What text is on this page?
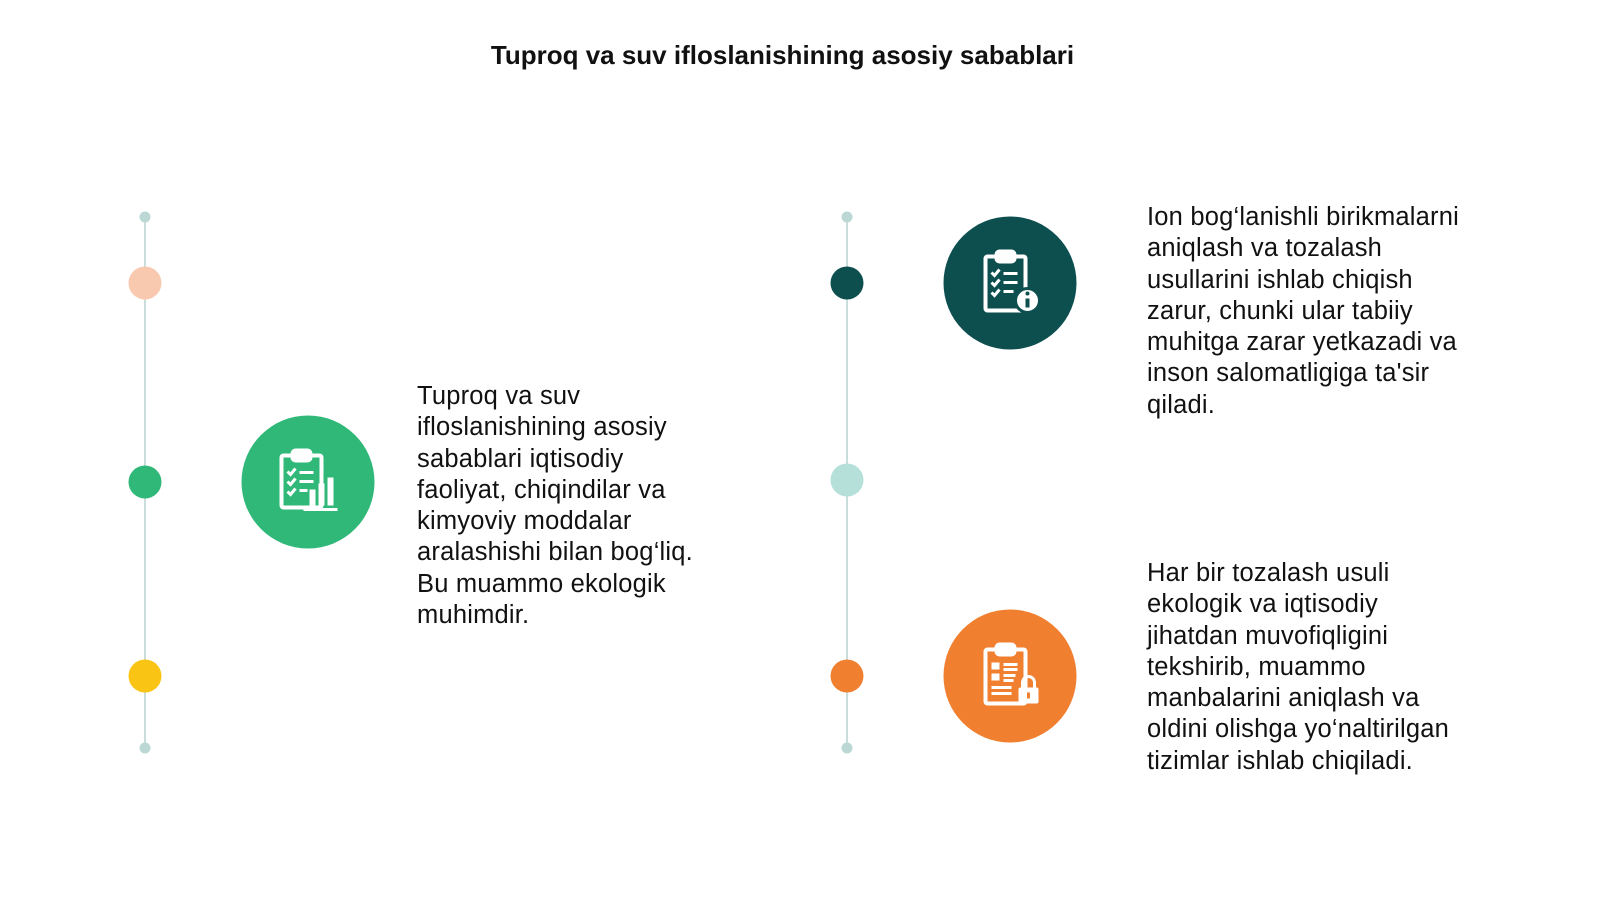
Tuproq va suv ifloslanishining asosiy sabablari
Tuproq va suv
ifloslanishining asosiy
sabablari iqtisodiy
faoliyat, chiqindilar va
kimyoviy moddalar
aralashishi bilan bog‘liq.
Bu muammo ekologik
muhimdir.
Ion bog‘lanishli birikmalarni
aniqlash va tozalash
usullarini ishlab chiqish
zarur, chunki ular tabiiy
muhitga zarar yetkazadi va
inson salomatligiga ta'sir
qiladi.
Har bir tozalash usuli
ekologik va iqtisodiy
jihatdan muvofiqligini
tekshirib, muammo
manbalarini aniqlash va
oldini olishga yo‘naltirilgan
tizimlar ishlab chiqiladi.
